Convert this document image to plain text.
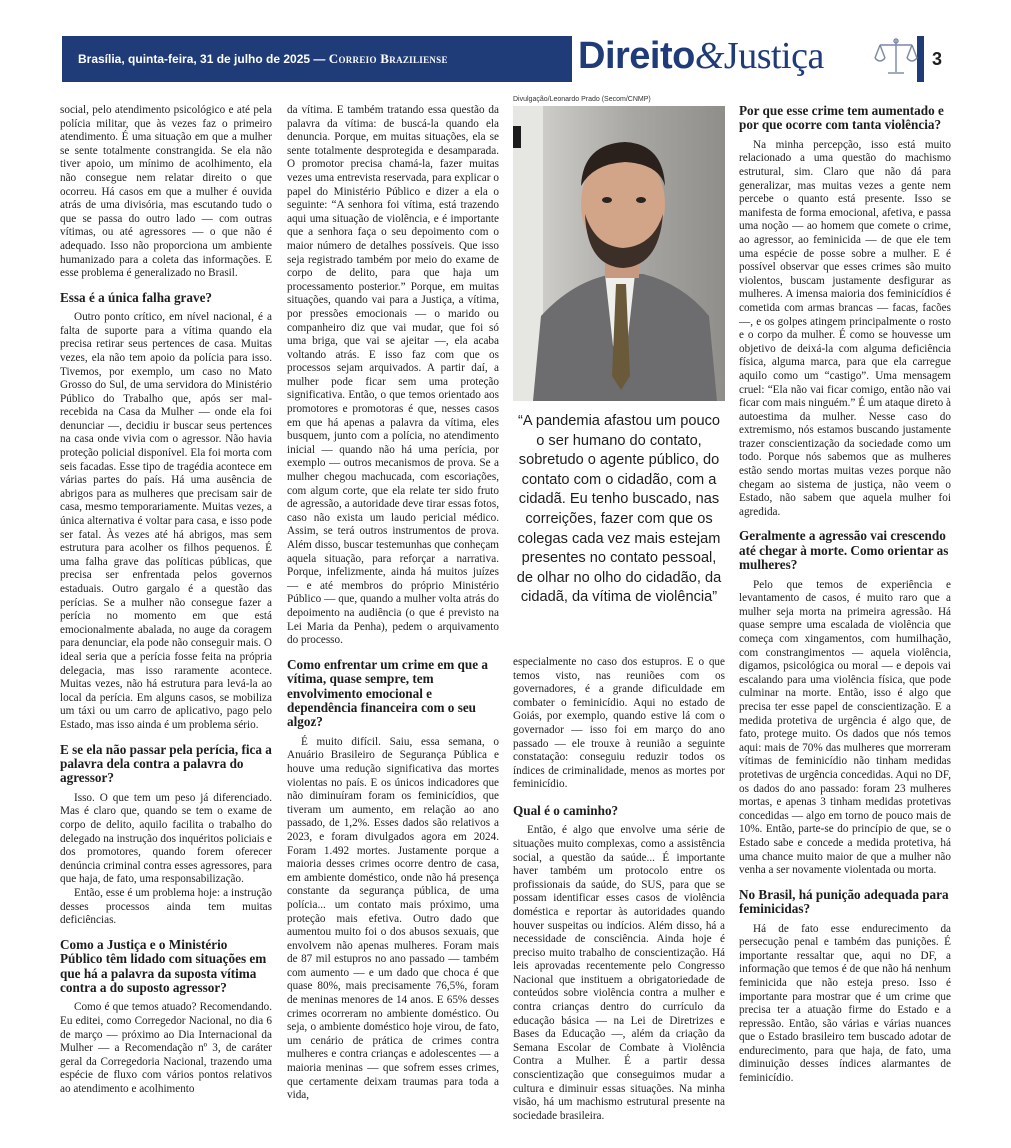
Brasília, quinta-feira, 31 de julho de 2025 — Correio Braziliense	Direito&Justiça	3

social, pelo atendimento psicológico e até pela polícia militar, que às vezes faz o primeiro atendimento. É uma situação em que a mulher se sente totalmente constrangida. Se ela não tiver apoio, um mínimo de acolhimento, ela não consegue nem relatar direito o que ocorreu. Há casos em que a mulher é ouvida atrás de uma divisória, mas escutando tudo o que se passa do outro lado — com outras vítimas, ou até agressores — o que não é adequado. Isso não proporciona um ambiente humanizado para a coleta das informações. E esse problema é generalizado no Brasil.

Essa é a única falha grave?

Outro ponto crítico, em nível nacional, é a falta de suporte para a vítima quando ela precisa retirar seus pertences de casa. Muitas vezes, ela não tem apoio da polícia para isso. Tivemos, por exemplo, um caso no Mato Grosso do Sul, de uma servidora do Ministério Público do Trabalho que, após ser mal-recebida na Casa da Mulher — onde ela foi denunciar —, decidiu ir buscar seus pertences na casa onde vivia com o agressor. Não havia proteção policial disponível. Ela foi morta com seis facadas. Esse tipo de tragédia acontece em várias partes do país. Há uma ausência de abrigos para as mulheres que precisam sair de casa, mesmo temporariamente. Muitas vezes, a única alternativa é voltar para casa, e isso pode ser fatal. Às vezes até há abrigos, mas sem estrutura para acolher os filhos pequenos. É uma falha grave das políticas públicas, que precisa ser enfrentada pelos governos estaduais. Outro gargalo é a questão das perícias. Se a mulher não consegue fazer a perícia no momento em que está emocionalmente abalada, no auge da coragem para denunciar, ela pode não conseguir mais. O ideal seria que a perícia fosse feita na própria delegacia, mas isso raramente acontece. Muitas vezes, não há estrutura para levá-la ao local da perícia. Em alguns casos, se mobiliza um táxi ou um carro de aplicativo, pago pelo Estado, mas isso ainda é um problema sério.

E se ela não passar pela perícia, fica a palavra dela contra a palavra do agressor?

Isso. O que tem um peso já diferenciado. Mas é claro que, quando se tem o exame de corpo de delito, aquilo facilita o trabalho do delegado na instrução dos inquéritos policiais e dos promotores, quando forem oferecer denúncia criminal contra esses agressores, para que haja, de fato, uma responsabilização.

Então, esse é um problema hoje: a instrução desses processos ainda tem muitas deficiências.

Como a Justiça e o Ministério Público têm lidado com situações em que há a palavra da suposta vítima contra a do suposto agressor?

Como é que temos atuado? Recomendando. Eu editei, como Corregedor Nacional, no dia 6 de março — próximo ao Dia Internacional da Mulher — a Recomendação nº 3, de caráter geral da Corregedoria Nacional, trazendo uma espécie de fluxo com vários pontos relativos ao atendimento e acolhimento

da vítima. E também tratando essa questão da palavra da vítima: de buscá-la quando ela denuncia. Porque, em muitas situações, ela se sente totalmente desprotegida e desamparada. O promotor precisa chamá-la, fazer muitas vezes uma entrevista reservada, para explicar o papel do Ministério Público e dizer a ela o seguinte: “A senhora foi vítima, está trazendo aqui uma situação de violência, e é importante que a senhora faça o seu depoimento com o maior número de detalhes possíveis. Que isso seja registrado também por meio do exame de corpo de delito, para que haja um processamento posterior.” Porque, em muitas situações, quando vai para a Justiça, a vítima, por pressões emocionais — o marido ou companheiro diz que vai mudar, que foi só uma briga, que vai se ajeitar —, ela acaba voltando atrás. E isso faz com que os processos sejam arquivados. A partir daí, a mulher pode ficar sem uma proteção significativa. Então, o que temos orientado aos promotores e promotoras é que, nesses casos em que há apenas a palavra da vítima, eles busquem, junto com a polícia, no atendimento inicial — quando não há uma perícia, por exemplo — outros mecanismos de prova. Se a mulher chegou machucada, com escoriações, com algum corte, que ela relate ter sido fruto de agressão, a autoridade deve tirar essas fotos, caso não exista um laudo pericial médico. Assim, se terá outros instrumentos de prova. Além disso, buscar testemunhas que conheçam aquela situação, para reforçar a narrativa. Porque, infelizmente, ainda há muitos juízes — e até membros do próprio Ministério Público — que, quando a mulher volta atrás do depoimento na audiência (o que é previsto na Lei Maria da Penha), pedem o arquivamento do processo.

Como enfrentar um crime em que a vítima, quase sempre, tem envolvimento emocional e dependência financeira com o seu algoz?

É muito difícil. Saiu, essa semana, o Anuário Brasileiro de Segurança Pública e houve uma redução significativa das mortes violentas no país. E os únicos indicadores que não diminuíram foram os feminicídios, que tiveram um aumento, em relação ao ano passado, de 1,2%. Esses dados são relativos a 2023, e foram divulgados agora em 2024. Foram 1.492 mortes. Justamente porque a maioria desses crimes ocorre dentro de casa, em ambiente doméstico, onde não há presença constante da segurança pública, de uma polícia... um contato mais próximo, uma proteção mais efetiva. Outro dado que aumentou muito foi o dos abusos sexuais, que envolvem não apenas mulheres. Foram mais de 87 mil estupros no ano passado — também com aumento — e um dado que choca é que quase 80%, mais precisamente 76,5%, foram de meninas menores de 14 anos. E 65% desses crimes ocorreram no ambiente doméstico. Ou seja, o ambiente doméstico hoje virou, de fato, um cenário de prática de crimes contra mulheres e contra crianças e adolescentes — a maioria meninas — que sofrem esses crimes, que certamente deixam traumas para toda a vida,

Divulgação/Leonardo Prado (Secom/CNMP)
“A pandemia afastou um pouco o ser humano do contato, sobretudo o agente público, do contato com o cidadão, com a cidadã. Eu tenho buscado, nas correições, fazer com que os colegas cada vez mais estejam presentes no contato pessoal, de olhar no olho do cidadão, da cidadã, da vítima de violência”

especialmente no caso dos estupros. E o que temos visto, nas reuniões com os governadores, é a grande dificuldade em combater o feminicídio. Aqui no estado de Goiás, por exemplo, quando estive lá com o governador — isso foi em março do ano passado — ele trouxe à reunião a seguinte constatação: conseguiu reduzir todos os índices de criminalidade, menos as mortes por feminicídio.

Qual é o caminho?

Então, é algo que envolve uma série de situações muito complexas, como a assistência social, a questão da saúde... É importante haver também um protocolo entre os profissionais da saúde, do SUS, para que se possam identificar esses casos de violência doméstica e reportar às autoridades quando houver suspeitas ou indícios. Além disso, há a necessidade de consciência. Ainda hoje é preciso muito trabalho de conscientização. Há leis aprovadas recentemente pelo Congresso Nacional que instituem a obrigatoriedade de conteúdos sobre violência contra a mulher e contra crianças dentro do currículo da educação básica — na Lei de Diretrizes e Bases da Educação —, além da criação da Semana Escolar de Combate à Violência Contra a Mulher. É a partir dessa conscientização que conseguimos mudar a cultura e diminuir essas situações. Na minha visão, há um machismo estrutural presente na sociedade brasileira.

Por que esse crime tem aumentado e por que ocorre com tanta violência?

Na minha percepção, isso está muito relacionado a uma questão do machismo estrutural, sim. Claro que não dá para generalizar, mas muitas vezes a gente nem percebe o quanto está presente. Isso se manifesta de forma emocional, afetiva, e passa uma noção — ao homem que comete o crime, ao agressor, ao feminicida — de que ele tem uma espécie de posse sobre a mulher. E é possível observar que esses crimes são muito violentos, buscam justamente desfigurar as mulheres. A imensa maioria dos feminicídios é cometida com armas brancas — facas, facões —, e os golpes atingem principalmente o rosto e o corpo da mulher. É como se houvesse um objetivo de deixá-la com alguma deficiência física, alguma marca, para que ela carregue aquilo como um “castigo”. Uma mensagem cruel: “Ela não vai ficar comigo, então não vai ficar com mais ninguém.” É um ataque direto à autoestima da mulher. Nesse caso do extremismo, nós estamos buscando justamente trazer conscientização da sociedade como um todo. Porque nós sabemos que as mulheres estão sendo mortas muitas vezes porque não chegam ao sistema de justiça, não veem o Estado, não sabem que aquela mulher foi agredida.

Geralmente a agressão vai crescendo até chegar à morte. Como orientar as mulheres?

Pelo que temos de experiência e levantamento de casos, é muito raro que a mulher seja morta na primeira agressão. Há quase sempre uma escalada de violência que começa com xingamentos, com humilhação, com constrangimentos — aquela violência, digamos, psicológica ou moral — e depois vai escalando para uma violência física, que pode culminar na morte. Então, isso é algo que precisa ter esse papel de conscientização. E a medida protetiva de urgência é algo que, de fato, protege muito. Os dados que nós temos aqui: mais de 70% das mulheres que morreram vítimas de feminicídio não tinham medidas protetivas de urgência concedidas. Aqui no DF, os dados do ano passado: foram 23 mulheres mortas, e apenas 3 tinham medidas protetivas concedidas — algo em torno de pouco mais de 10%. Então, parte-se do princípio de que, se o Estado sabe e concede a medida protetiva, há uma chance muito maior de que a mulher não venha a ser novamente violentada ou morta.

No Brasil, há punição adequada para feminicidas?

Há de fato esse endurecimento da persecução penal e também das punições. É importante ressaltar que, aqui no DF, a informação que temos é de que não há nenhum feminicida que não esteja preso. Isso é importante para mostrar que é um crime que precisa ter a atuação firme do Estado e a repressão. Então, são várias e várias nuances que o Estado brasileiro tem buscado adotar de endurecimento, para que haja, de fato, uma diminuição desses índices alarmantes de feminicídio.
